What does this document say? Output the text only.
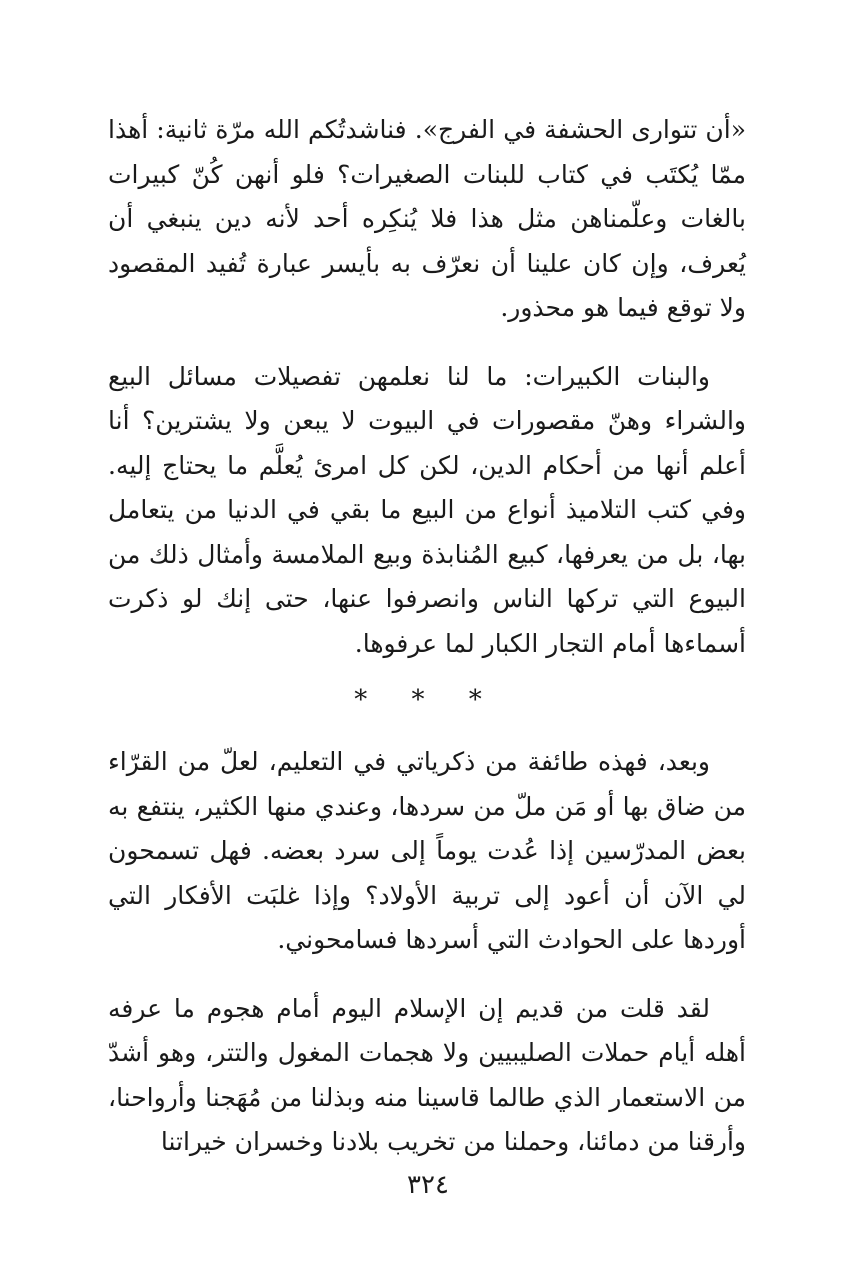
«أن تتوارى الحشفة في الفرج». فناشدتُكم الله مرّة ثانية: أهذا ممّا يُكتَب في كتاب للبنات الصغيرات؟ فلو أنهن كُنّ كبيرات بالغات وعلّمناهن مثل هذا فلا يُنكِره أحد لأنه دين ينبغي أن يُعرف، وإن كان علينا أن نعرّف به بأيسر عبارة تُفيد المقصود ولا توقع فيما هو محذور.

والبنات الكبيرات: ما لنا نعلمهن تفصيلات مسائل البيع والشراء وهنّ مقصورات في البيوت لا يبعن ولا يشترين؟ أنا أعلم أنها من أحكام الدين، لكن كل امرئ يُعلَّم ما يحتاج إليه. وفي كتب التلاميذ أنواع من البيع ما بقي في الدنيا من يتعامل بها، بل من يعرفها، كبيع المُنابذة وبيع الملامسة وأمثال ذلك من البيوع التي تركها الناس وانصرفوا عنها، حتى إنك لو ذكرت أسماءها أمام التجار الكبار لما عرفوها.

* * *

وبعد، فهذه طائفة من ذكرياتي في التعليم، لعلّ من القرّاء من ضاق بها أو مَن ملّ من سردها، وعندي منها الكثير، ينتفع به بعض المدرّسين إذا عُدت يوماً إلى سرد بعضه. فهل تسمحون لي الآن أن أعود إلى تربية الأولاد؟ وإذا غلبَت الأفكار التي أوردها على الحوادث التي أسردها فسامحوني.

لقد قلت من قديم إن الإسلام اليوم أمام هجوم ما عرفه أهله أيام حملات الصليبيين ولا هجمات المغول والتتر، وهو أشدّ من الاستعمار الذي طالما قاسينا منه وبذلنا من مُهَجنا وأرواحنا، وأرقنا من دمائنا، وحملنا من تخريب بلادنا وخسران خيراتنا

٣٢٤
